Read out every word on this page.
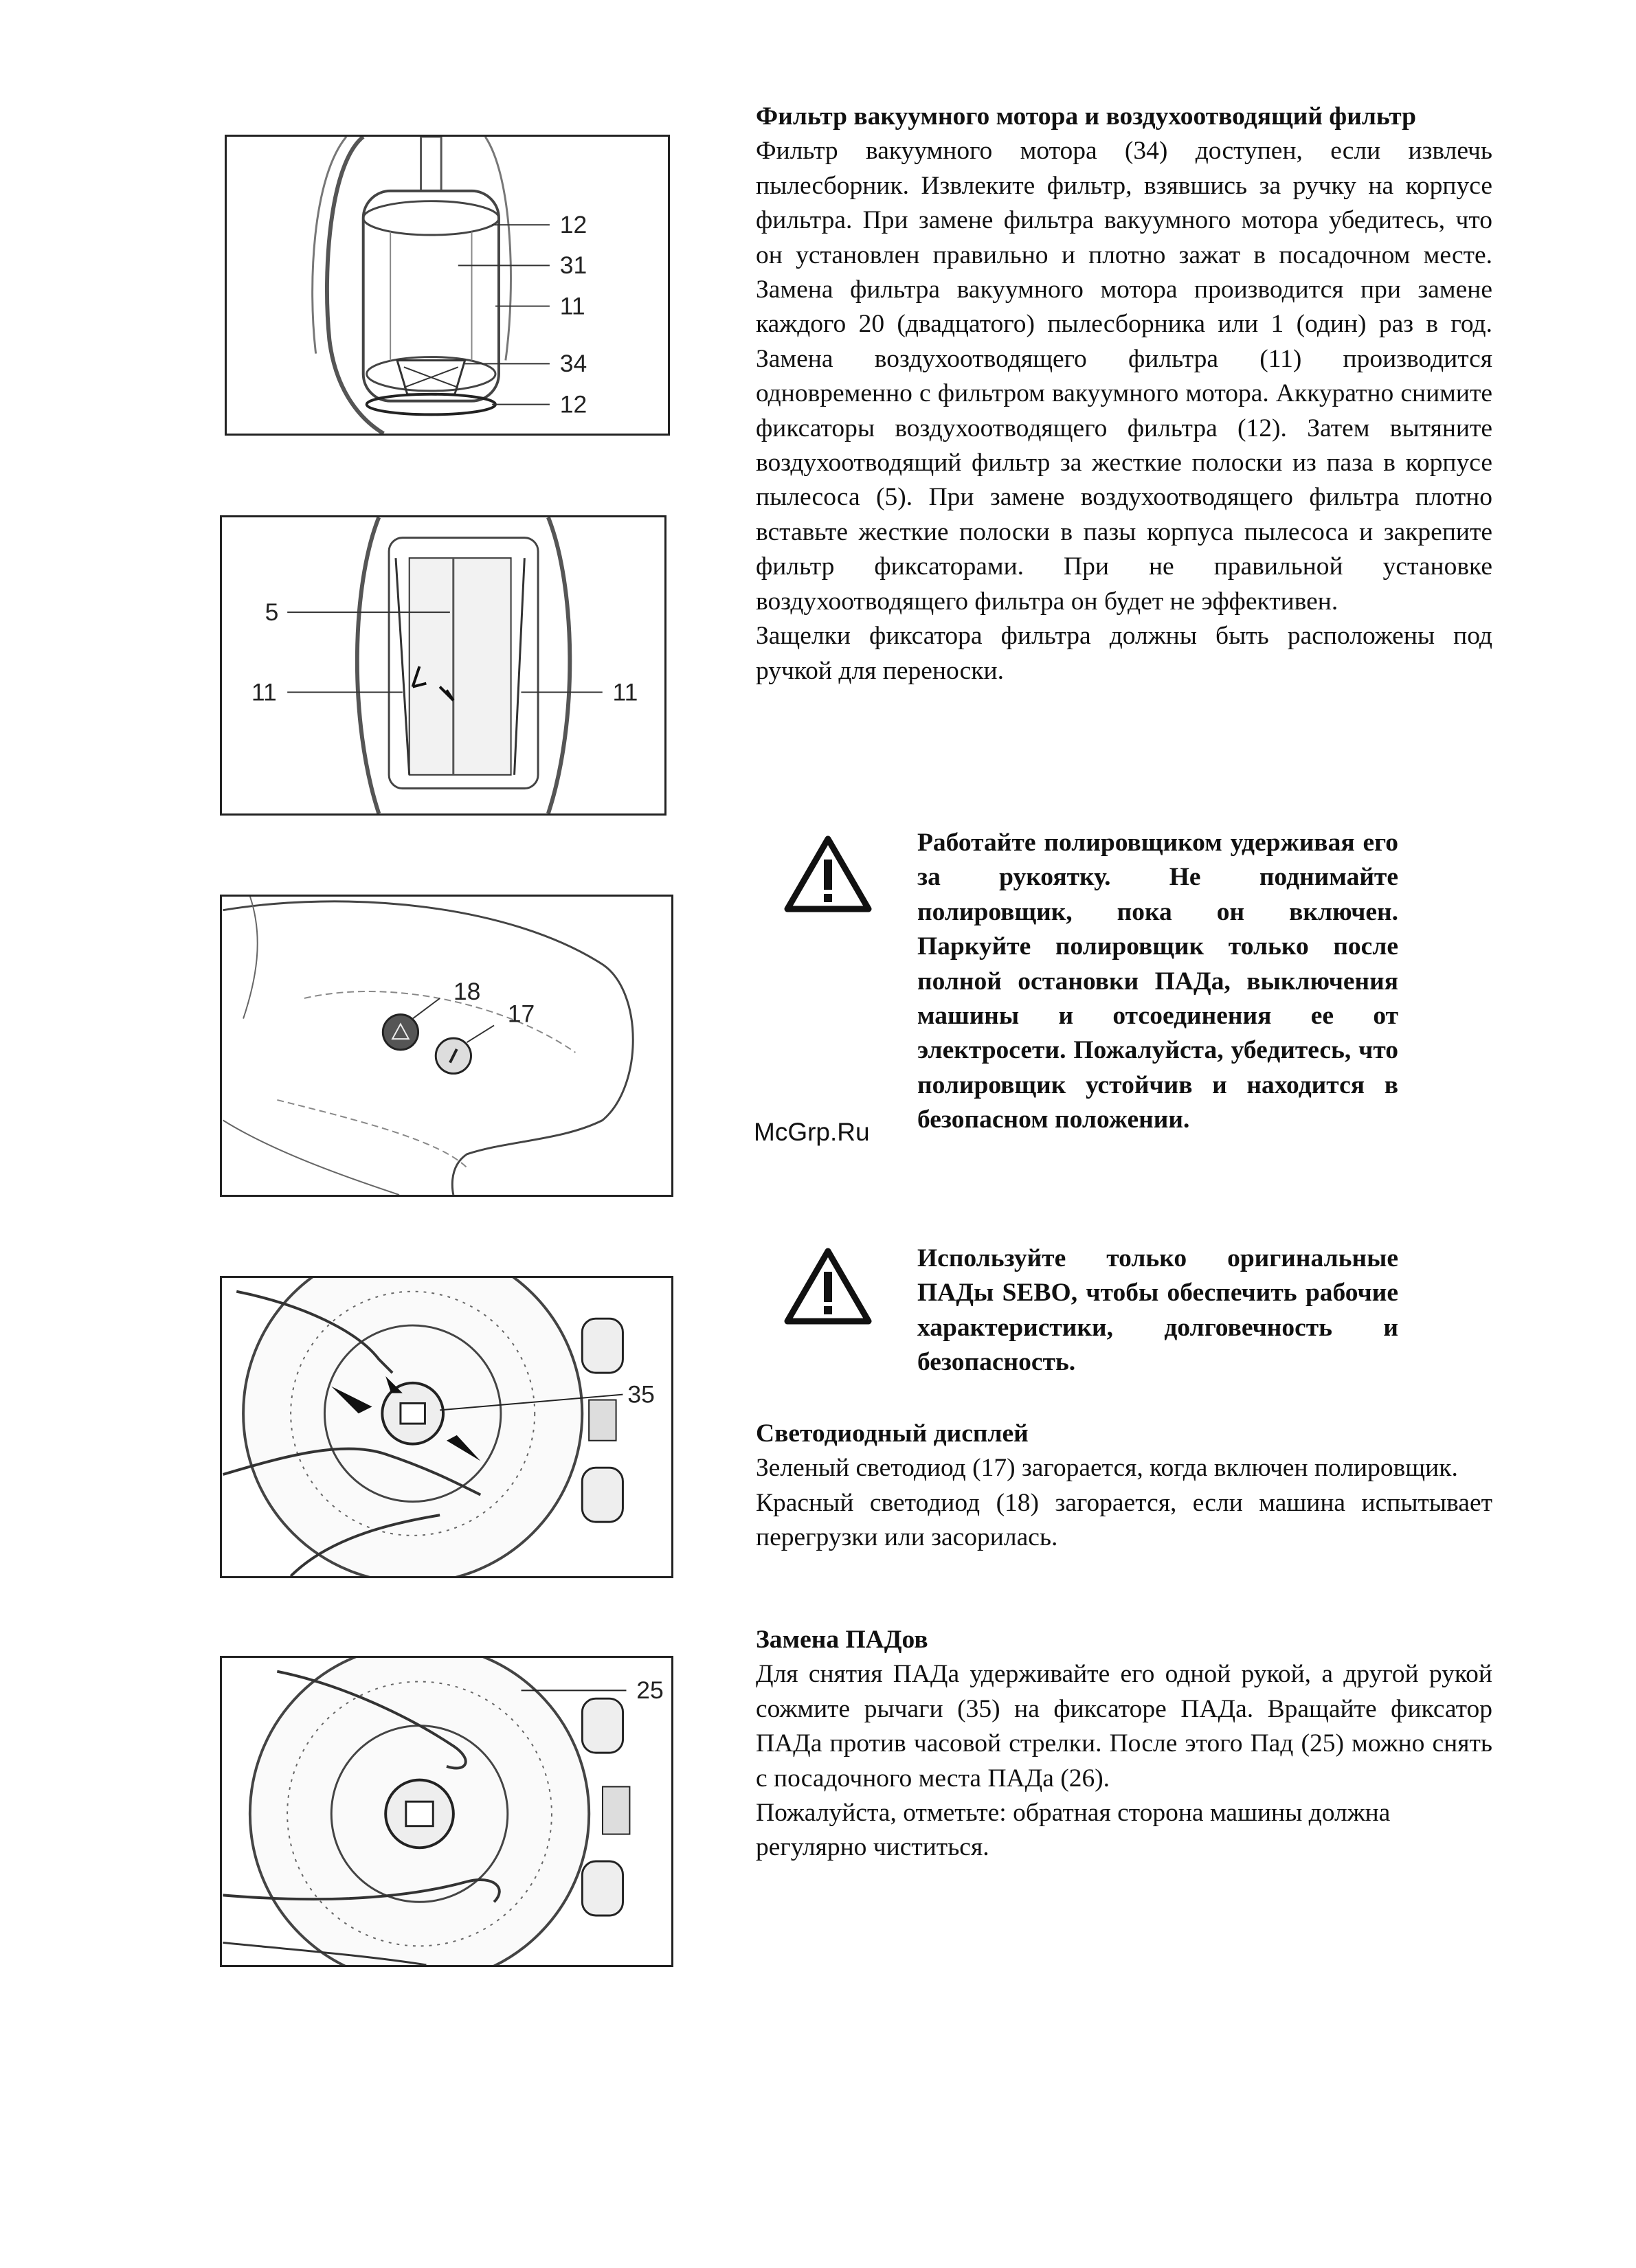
12
31
11
34
12
5
11	11
18
17
35
25

Фильтр вакуумного мотора и воздухоотводящий фильтр

Фильтр вакуумного мотора (34) доступен, если извлечь пылесборник. Извлеките фильтр, взявшись за ручку на корпусе фильтра. При замене фильтра вакуумного мотора убедитесь, что он установлен правильно и плотно зажат в посадочном месте. Замена фильтра вакуумного мотора производится при замене каждого 20 (двадцатого) пылесборника или 1 (один) раз в год. Замена воздухоотводящего фильтра (11) производится одновременно с фильтром вакуумного мотора. Аккуратно снимите фиксаторы воздухоотводящего фильтра (12). Затем вытяните воздухоотводящий фильтр за жесткие полоски из паза в корпусе пылесоса (5). При замене воздухоотводящего фильтра плотно вставьте жесткие полоски в пазы корпуса пылесоса и закрепите фильтр фиксаторами. При не правильной установке воздухоотводящего фильтра он будет не эффективен.

Защелки фиксатора фильтра должны быть расположены под ручкой для переноски.

Работайте полировщиком удерживая его за рукоятку. Не поднимайте полировщик, пока он включен. Паркуйте полировщик только после полной остановки ПАДа, выключения машины и отсоединения ее от электросети. Пожалуйста, убедитесь, что полировщик устойчив и находится в безопасном положении.

McGrp.Ru

Используйте только оригинальные ПАДы SEBO, чтобы обеспечить рабочие характеристики, долговечность и безопасность.

Светодиодный дисплей

Зеленый светодиод (17) загорается, когда включен полировщик.

Красный светодиод (18) загорается, если машина испытывает перегрузки или засорилась.

Замена ПАДов

Для снятия ПАДа удерживайте его одной рукой, а другой рукой сожмите рычаги (35) на фиксаторе ПАДа. Вращайте фиксатор ПАДа против часовой стрелки. После этого Пад (25) можно снять с посадочного места ПАДа (26).

Пожалуйста, отметьте: обратная сторона машины должна регулярно чиститься.
